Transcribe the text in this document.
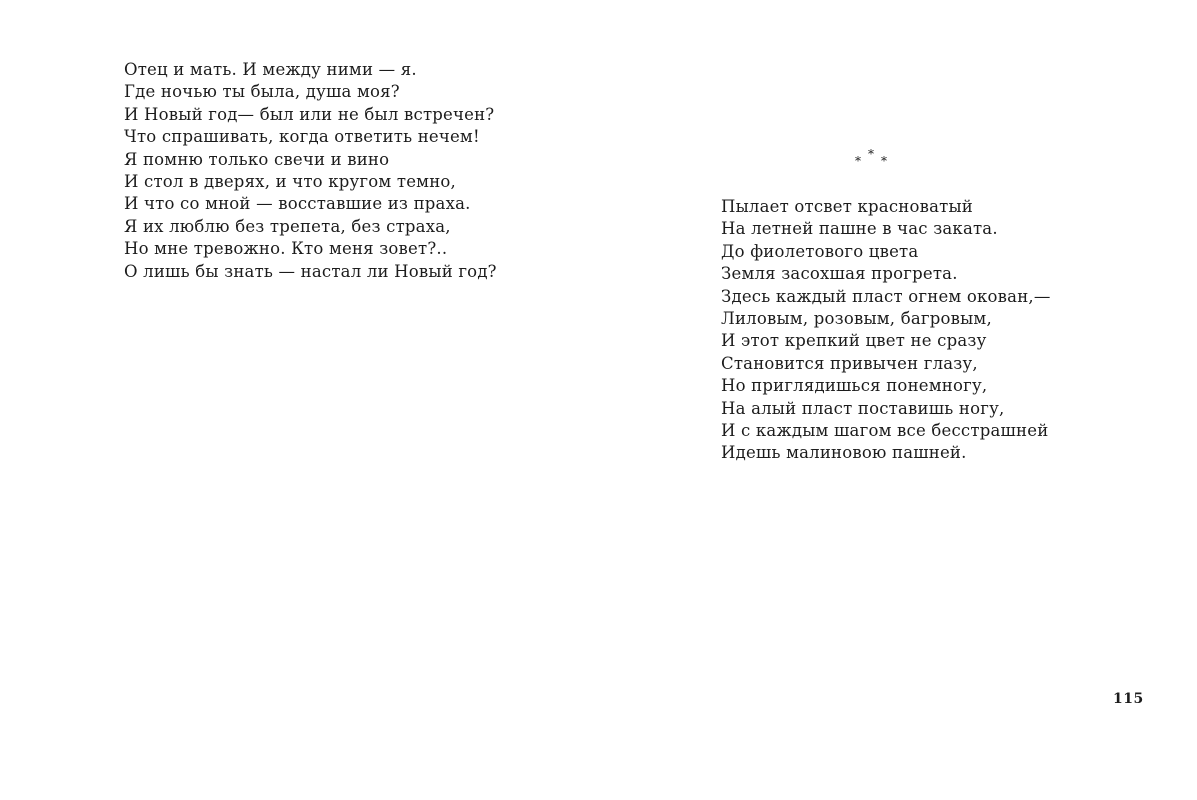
Отец и мать. И между ними — я.
Где ночью ты была, душа моя?
И Новый год— был или не был встречен?
Что спрашивать, когда ответить нечем!
Я помню только свечи и вино
И стол в дверях, и что кругом темно,
И что со мной — восставшие из праха.
Я их люблю без трепета, без страха,
Но мне тревожно. Кто меня зовет?..
О лишь бы знать — настал ли Новый год?
* * *
Пылает отсвет красноватый
На летней пашне в час заката.
До фиолетового цвета
Земля засохшая прогрета.
Здесь каждый пласт огнем окован,—
Лиловым, розовым, багровым,
И этот крепкий цвет не сразу
Становится привычен глазу,
Но приглядишься понемногу,
На алый пласт поставишь ногу,
И с каждым шагом все бесстрашней
Идешь малиновою пашней.
115
